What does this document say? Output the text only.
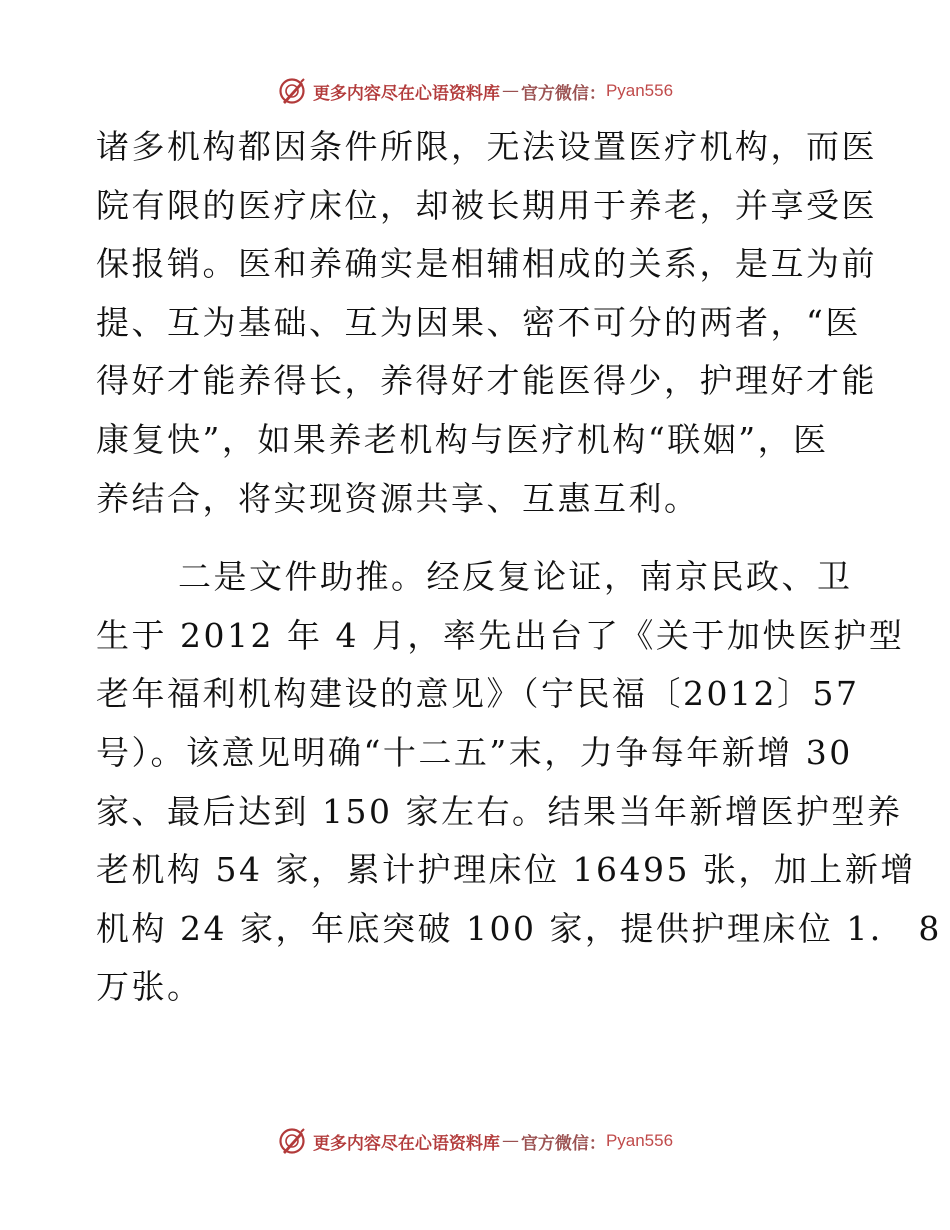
更多内容尽在心语资料库 — 官方微信： Pyan556
诸多机构都因条件所限，无法设置医疗机构，而医
院有限的医疗床位，却被长期用于养老，并享受医
保报销。医和养确实是相辅相成的关系，是互为前
提、互为基础、互为因果、密不可分的两者，“医
得好才能养得长，养得好才能医得少，护理好才能
康复快”，如果养老机构与医疗机构“联姻”，医
养结合，将实现资源共享、互惠互利。
二是文件助推。经反复论证，南京民政、卫
生于 2012 年 4 月，率先出台了《关于加快医护型
老年福利机构建设的意见》（宁民福〔2012〕57
号）。该意见明确“十二五”末，力争每年新增 30
家、最后达到 150 家左右。结果当年新增医护型养
老机构 54 家，累计护理床位 16495 张，加上新增
机构 24 家，年底突破 100 家，提供护理床位 1． 8
万张。
更多内容尽在心语资料库 — 官方微信： Pyan556
